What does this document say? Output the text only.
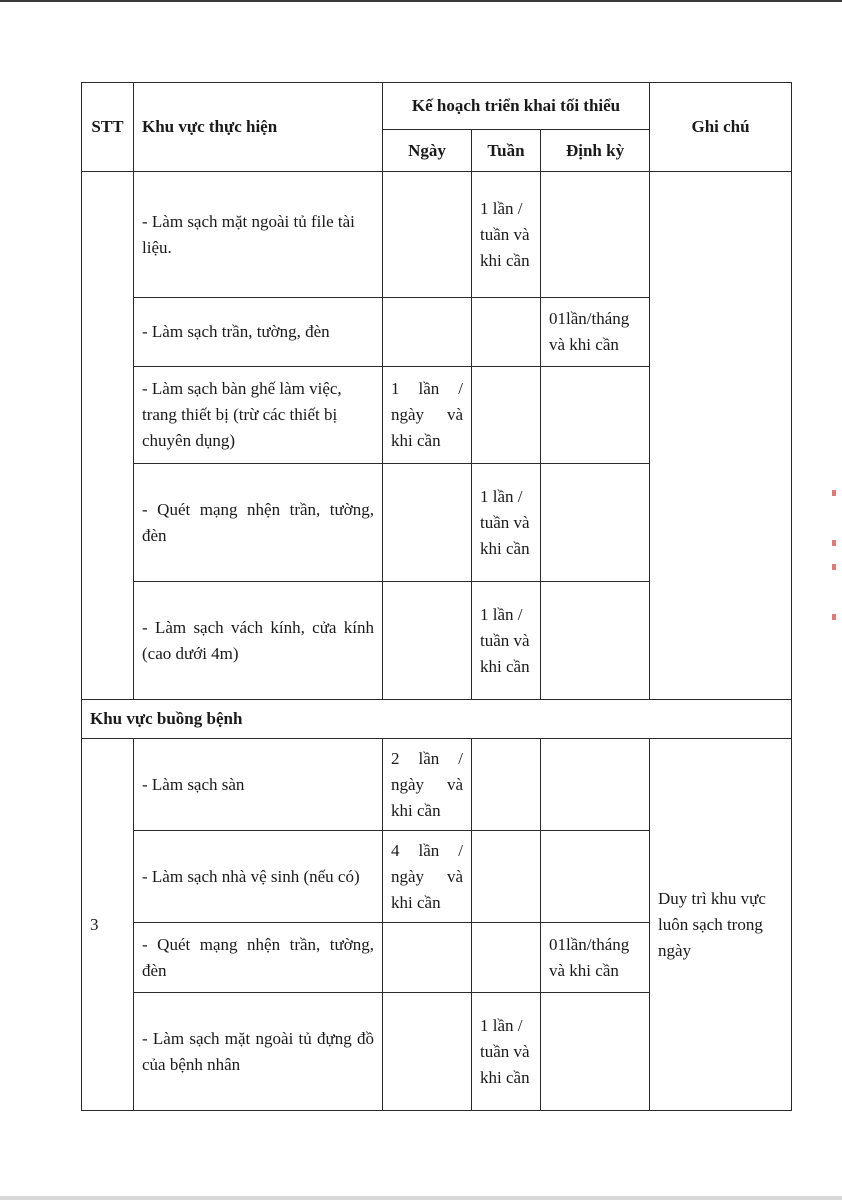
STT	Khu vực thực hiện	Kế hoạch triển khai tối thiểu			Ghi chú
		Ngày	Tuần	Định kỳ	
	- Làm sạch mặt ngoài tủ file tài liệu.		1 lần / tuần và khi cần		
	- Làm sạch trần, tường, đèn			01lần/tháng và khi cần	
	- Làm sạch bàn ghế làm việc, trang thiết bị (trừ các thiết bị chuyên dụng)	1 lần / ngày và khi cần			
	- Quét mạng nhện trần, tường, đèn		1 lần / tuần và khi cần		
	- Làm sạch vách kính, cửa kính (cao dưới 4m)		1 lần / tuần và khi cần		
Khu vực buồng bệnh					
3	- Làm sạch sàn	2 lần / ngày và khi cần			Duy trì khu vực luôn sạch trong ngày
	- Làm sạch nhà vệ sinh (nếu có)	4 lần / ngày và khi cần			
	- Quét mạng nhện trần, tường, đèn			01lần/tháng và khi cần	
	- Làm sạch mặt ngoài tủ đựng đồ của bệnh nhân		1 lần / tuần và khi cần		
